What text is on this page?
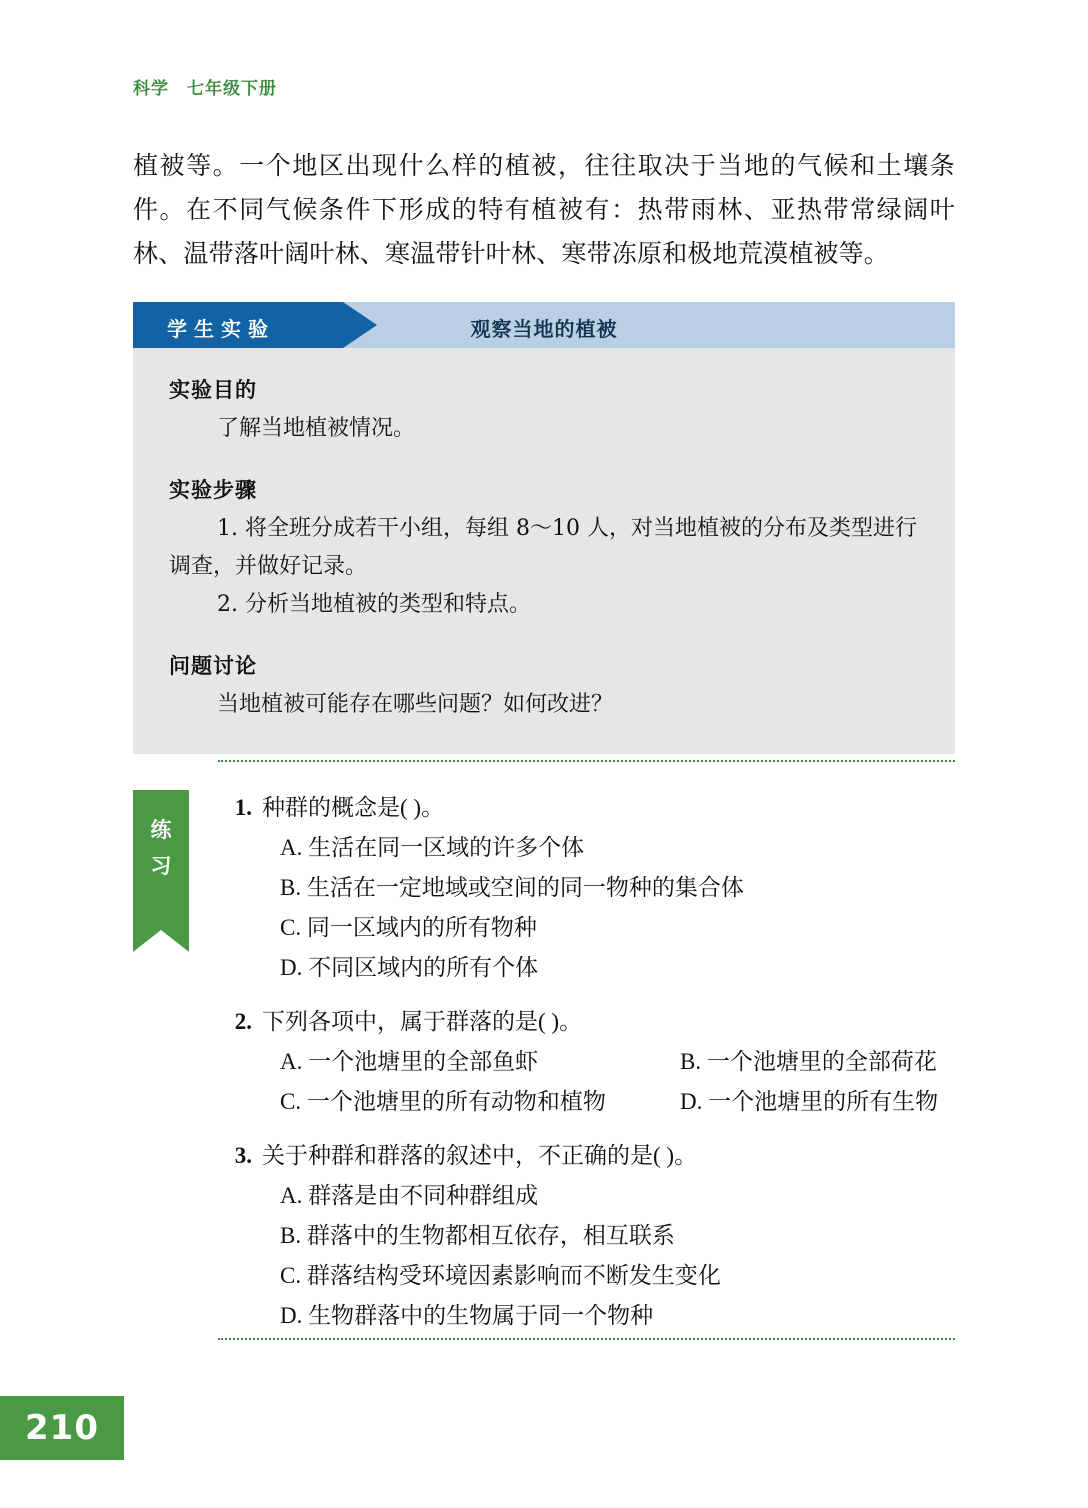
科学 七年级下册
植被等。一个地区出现什么样的植被，往往取决于当地的气候和土壤条件。在不同气候条件下形成的特有植被有：热带雨林、亚热带常绿阔叶林、温带落叶阔叶林、寒温带针叶林、寒带冻原和极地荒漠植被等。
学生实验	观察当地的植被
实验目的

了解当地植被情况。

实验步骤

1. 将全班分成若干小组，每组 8～10 人，对当地植被的分布及类型进行调查，并做好记录。

2. 分析当地植被的类型和特点。

问题讨论

当地植被可能存在哪些问题？如何改进？

练
习
1. 种群的概念是( )。
A. 生活在同一区域的许多个体
B. 生活在一定地域或空间的同一物种的集合体
C. 同一区域内的所有物种
D. 不同区域内的所有个体
2. 下列各项中，属于群落的是( )。
A. 一个池塘里的全部鱼虾	B. 一个池塘里的全部荷花
C. 一个池塘里的所有动物和植物	D. 一个池塘里的所有生物
3. 关于种群和群落的叙述中，不正确的是( )。
A. 群落是由不同种群组成
B. 群落中的生物都相互依存，相互联系
C. 群落结构受环境因素影响而不断发生变化
D. 生物群落中的生物属于同一个物种
210
